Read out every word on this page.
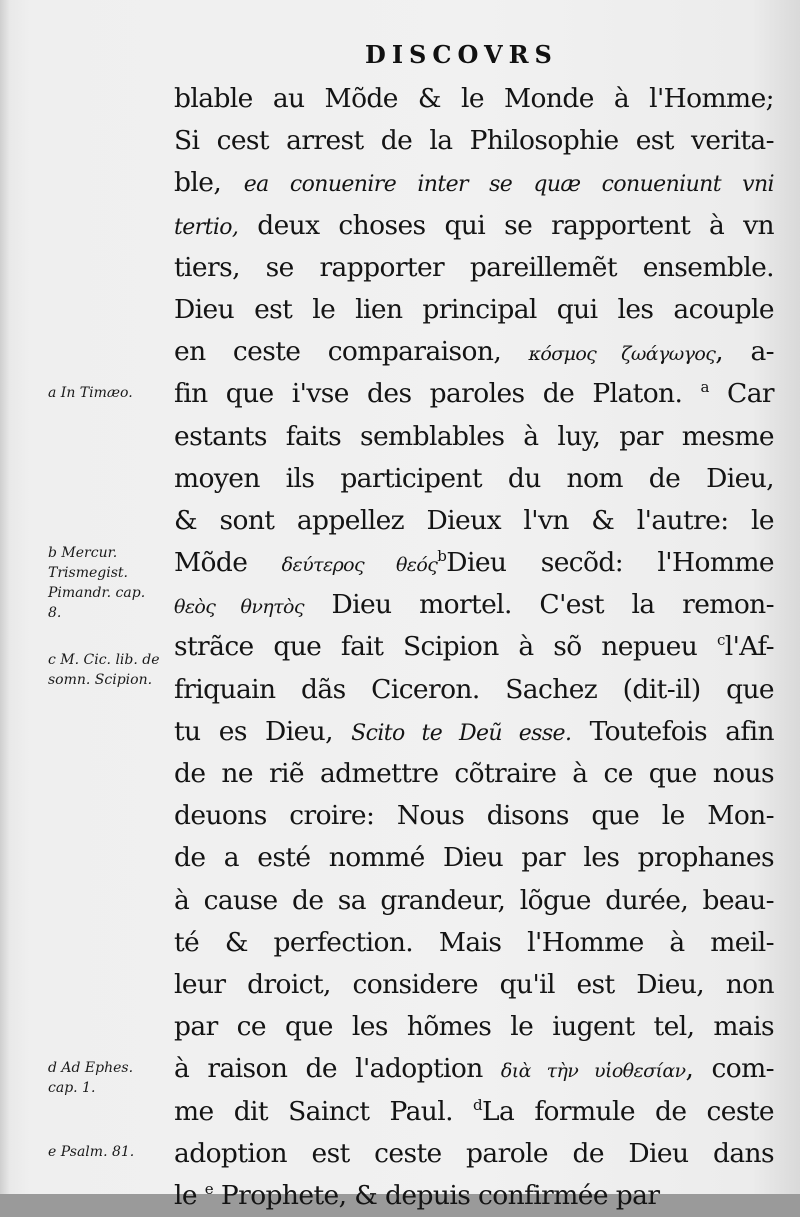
DISCOVRS
blable au Mõde & le Monde à l'Homme;
Si cest arrest de la Philosophie est verita-
ble, ea conuenire inter se quæ conueniunt vni
tertio, deux choses qui se rapportent à vn
tiers, se rapporter pareillemẽt ensemble.
Dieu est le lien principal qui les acouple
en ceste comparaison, κόσμος ζωάγωγος, a-
fin que i'vse des paroles de Platon. $^a$ Car
estants faits semblables à luy, par mesme
moyen ils participent du nom de Dieu,
& sont appellez Dieux l'vn & l'autre: le
Mõde δεύτερος θεός$^b$Dieu secõd: l'Homme
θεὸς θνητὸς Dieu mortel. C'est la remon-
strãce que fait Scipion à sõ nepueu $^c$l'Af-
friquain dãs Ciceron. Sachez (dit-il) que
tu es Dieu, Scito te Deũ esse. Toutefois afin
de ne riẽ admettre cõtraire à ce que nous
deuons croire: Nous disons que le Mon-
de a esté nommé Dieu par les prophanes
à cause de sa grandeur, lõgue durée, beau-
té & perfection. Mais l'Homme à meil-
leur droict, considere qu'il est Dieu, non
par ce que les hõmes le iugent tel, mais
à raison de l'adoption διὰ τὴν υἱοθεσίαν, com-
me dit Sainct Paul. $^d$La formule de ceste
adoption est ceste parole de Dieu dans
le $^e$ Prophete, & depuis confirmée par
a In Timæo.
b Mercur. Trismegist. Pimandr. cap. 8.
c M. Cic. lib. de somn. Scipion.
d Ad Ephes. cap. 1.
e Psalm. 81.
